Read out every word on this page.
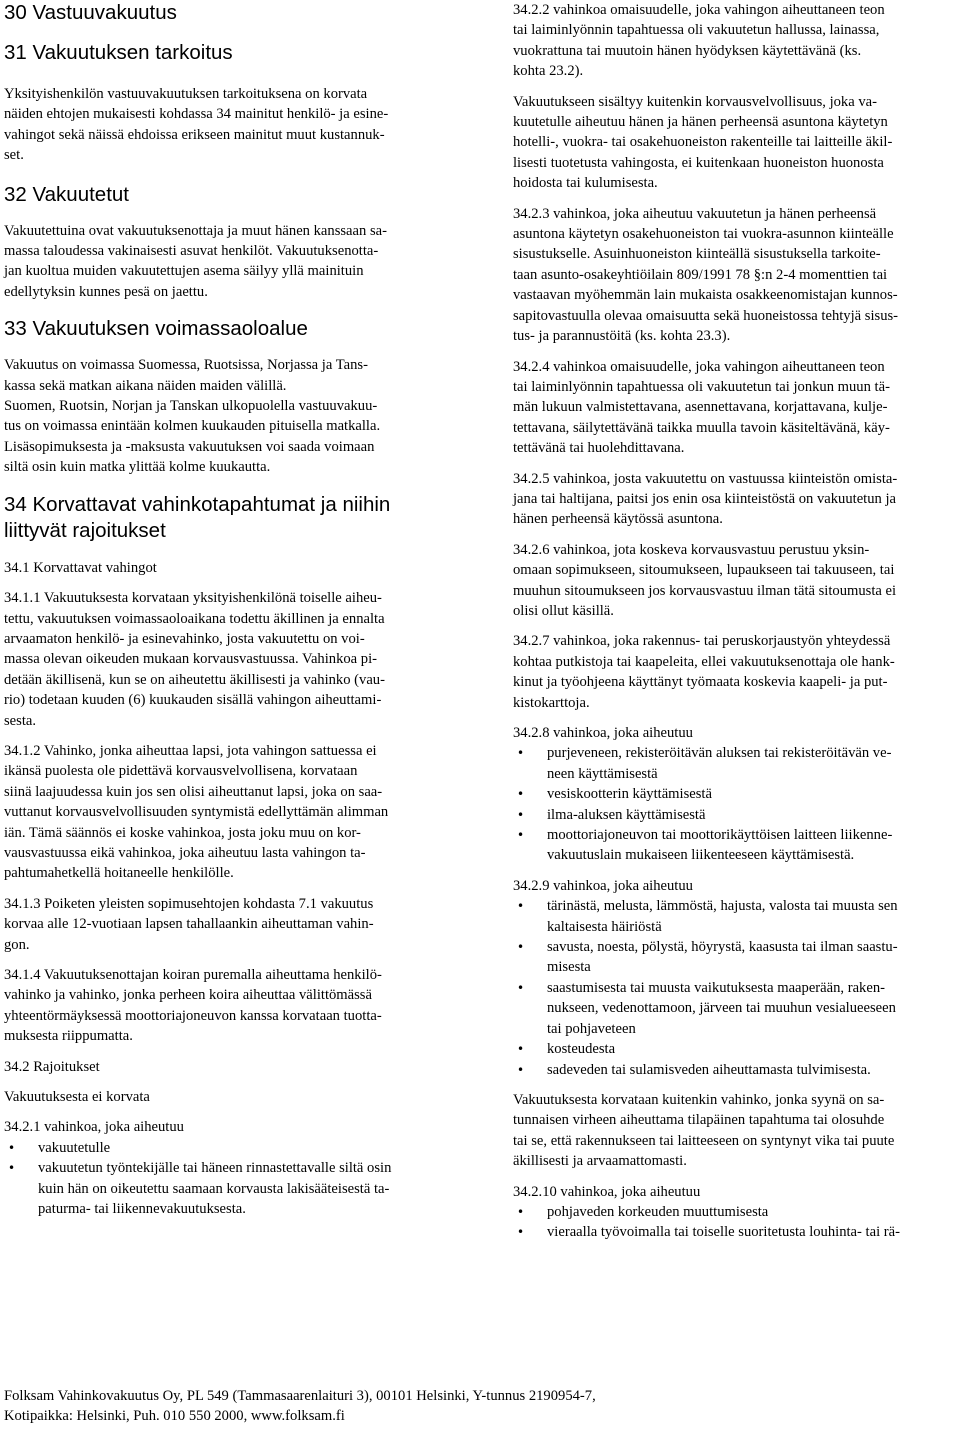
30 Vastuuvakuutus
31 Vakuutuksen tarkoitus

Yksityishenkilön vastuuvakuutuksen tarkoituksena on korvata
näiden ehtojen mukaisesti kohdassa 34 mainitut henkilö- ja esine-
vahingot sekä näissä ehdoissa erikseen mainitut muut kustannuk-
set.

32 Vakuutetut

Vakuutettuina ovat vakuutuksenottaja ja muut hänen kanssaan sa-
massa taloudessa vakinaisesti asuvat henkilöt. Vakuutuksenotta-
jan kuoltua muiden vakuutettujen asema säilyy yllä mainituin
edellytyksin kunnes pesä on jaettu.

33 Vakuutuksen voimassaoloalue

Vakuutus on voimassa Suomessa, Ruotsissa, Norjassa ja Tans-
kassa sekä matkan aikana näiden maiden välillä.
Suomen, Ruotsin, Norjan ja Tanskan ulkopuolella vastuuvakuu-
tus on voimassa enintään kolmen kuukauden pituisella matkalla.
Lisäsopimuksesta ja -maksusta vakuutuksen voi saada voimaan
siltä osin kuin matka ylittää kolme kuukautta.

34 Korvattavat vahinkotapahtumat ja niihin
liittyvät rajoitukset

34.1 Korvattavat vahingot

34.1.1 Vakuutuksesta korvataan yksityishenkilönä toiselle aiheu-
tettu, vakuutuksen voimassaoloaikana todettu äkillinen ja ennalta
arvaamaton henkilö- ja esinevahinko, josta vakuutettu on voi-
massa olevan oikeuden mukaan korvausvastuussa. Vahinkoa pi-
detään äkillisenä, kun se on aiheutettu äkillisesti ja vahinko (vau-
rio) todetaan kuuden (6) kuukauden sisällä vahingon aiheuttami-
sesta.

34.1.2 Vahinko, jonka aiheuttaa lapsi, jota vahingon sattuessa ei
ikänsä puolesta ole pidettävä korvausvelvollisena, korvataan
siinä laajuudessa kuin jos sen olisi aiheuttanut lapsi, joka on saa-
vuttanut korvausvelvollisuuden syntymistä edellyttämän alimman
iän. Tämä säännös ei koske vahinkoa, josta joku muu on kor-
vausvastuussa eikä vahinkoa, joka aiheutuu lasta vahingon ta-
pahtumahetkellä hoitaneelle henkilölle.

34.1.3 Poiketen yleisten sopimusehtojen kohdasta 7.1 vakuutus
korvaa alle 12-vuotiaan lapsen tahallaankin aiheuttaman vahin-
gon.

34.1.4 Vakuutuksenottajan koiran puremalla aiheuttama henkilö-
vahinko ja vahinko, jonka perheen koira aiheuttaa välittömässä
yhteentörmäyksessä moottoriajoneuvon kanssa korvataan tuotta-
muksesta riippumatta.

34.2 Rajoitukset

Vakuutuksesta ei korvata

34.2.1 vahinkoa, joka aiheutuu

• vakuutetulle
• vakuutetun työntekijälle tai häneen rinnastettavalle siltä osin
kuin hän on oikeutettu saamaan korvausta lakisääteisestä ta-
paturma- tai liikennevakuutuksesta.

34.2.2 vahinkoa omaisuudelle, joka vahingon aiheuttaneen teon
tai laiminlyönnin tapahtuessa oli vakuutetun hallussa, lainassa,
vuokrattuna tai muutoin hänen hyödyksen käytettävänä (ks.
kohta 23.2).

Vakuutukseen sisältyy kuitenkin korvausvelvollisuus, joka va-
kuutetulle aiheutuu hänen ja hänen perheensä asuntona käytetyn
hotelli-, vuokra- tai osakehuoneiston rakenteille tai laitteille äkil-
lisesti tuotetusta vahingosta, ei kuitenkaan huoneiston huonosta
hoidosta tai kulumisesta.

34.2.3 vahinkoa, joka aiheutuu vakuutetun ja hänen perheensä
asuntona käytetyn osakehuoneiston tai vuokra-asunnon kiinteälle
sisustukselle. Asuinhuoneiston kiinteällä sisustuksella tarkoite-
taan asunto-osakeyhtiöilain 809/1991 78 §:n 2-4 momenttien tai
vastaavan myöhemmän lain mukaista osakkeenomistajan kunnos-
sapitovastuulla olevaa omaisuutta sekä huoneistossa tehtyjä sisus-
tus- ja parannustöitä (ks. kohta 23.3).

34.2.4 vahinkoa omaisuudelle, joka vahingon aiheuttaneen teon
tai laiminlyönnin tapahtuessa oli vakuutetun tai jonkun muun tä-
män lukuun valmistettavana, asennettavana, korjattavana, kulje-
tettavana, säilytettävänä taikka muulla tavoin käsiteltävänä, käy-
tettävänä tai huolehdittavana.

34.2.5 vahinkoa, josta vakuutettu on vastuussa kiinteistön omista-
jana tai haltijana, paitsi jos enin osa kiinteistöstä on vakuutetun ja
hänen perheensä käytössä asuntona.

34.2.6 vahinkoa, jota koskeva korvausvastuu perustuu yksin-
omaan sopimukseen, sitoumukseen, lupaukseen tai takuuseen, tai
muuhun sitoumukseen jos korvausvastuu ilman tätä sitoumusta ei
olisi ollut käsillä.

34.2.7 vahinkoa, joka rakennus- tai peruskorjaustyön yhteydessä
kohtaa putkistoja tai kaapeleita, ellei vakuutuksenottaja ole hank-
kinut ja työohjeena käyttänyt työmaata koskevia kaapeli- ja put-
kistokarttoja.

34.2.8 vahinkoa, joka aiheutuu

• purjeveneen, rekisteröitävän aluksen tai rekisteröitävän ve-
neen käyttämisestä
• vesiskootterin käyttämisestä
• ilma-aluksen käyttämisestä
• moottoriajoneuvon tai moottorikäyttöisen laitteen liikenne-
vakuutuslain mukaiseen liikenteeseen käyttämisestä.

34.2.9 vahinkoa, joka aiheutuu

• tärinästä, melusta, lämmöstä, hajusta, valosta tai muusta sen
kaltaisesta häiriöstä
• savusta, noesta, pölystä, höyrystä, kaasusta tai ilman saastu-
misesta
• saastumisesta tai muusta vaikutuksesta maaperään, raken-
nukseen, vedenottamoon, järveen tai muuhun vesialueeseen
tai pohjaveteen
• kosteudesta
• sadeveden tai sulamisveden aiheuttamasta tulvimisesta.

Vakuutuksesta korvataan kuitenkin vahinko, jonka syynä on sa-
tunnaisen virheen aiheuttama tilapäinen tapahtuma tai olosuhde
tai se, että rakennukseen tai laitteeseen on syntynyt vika tai puute
äkillisesti ja arvaamattomasti.

34.2.10 vahinkoa, joka aiheutuu

• pohjaveden korkeuden muuttumisesta
• vieraalla työvoimalla tai toiselle suoritetusta louhinta- tai rä-
Folksam Vahinkovakuutus Oy, PL 549 (Tammasaarenlaituri 3), 00101 Helsinki, Y-tunnus 2190954-7,
Kotipaikka: Helsinki, Puh. 010 550 2000, www.folksam.fi
